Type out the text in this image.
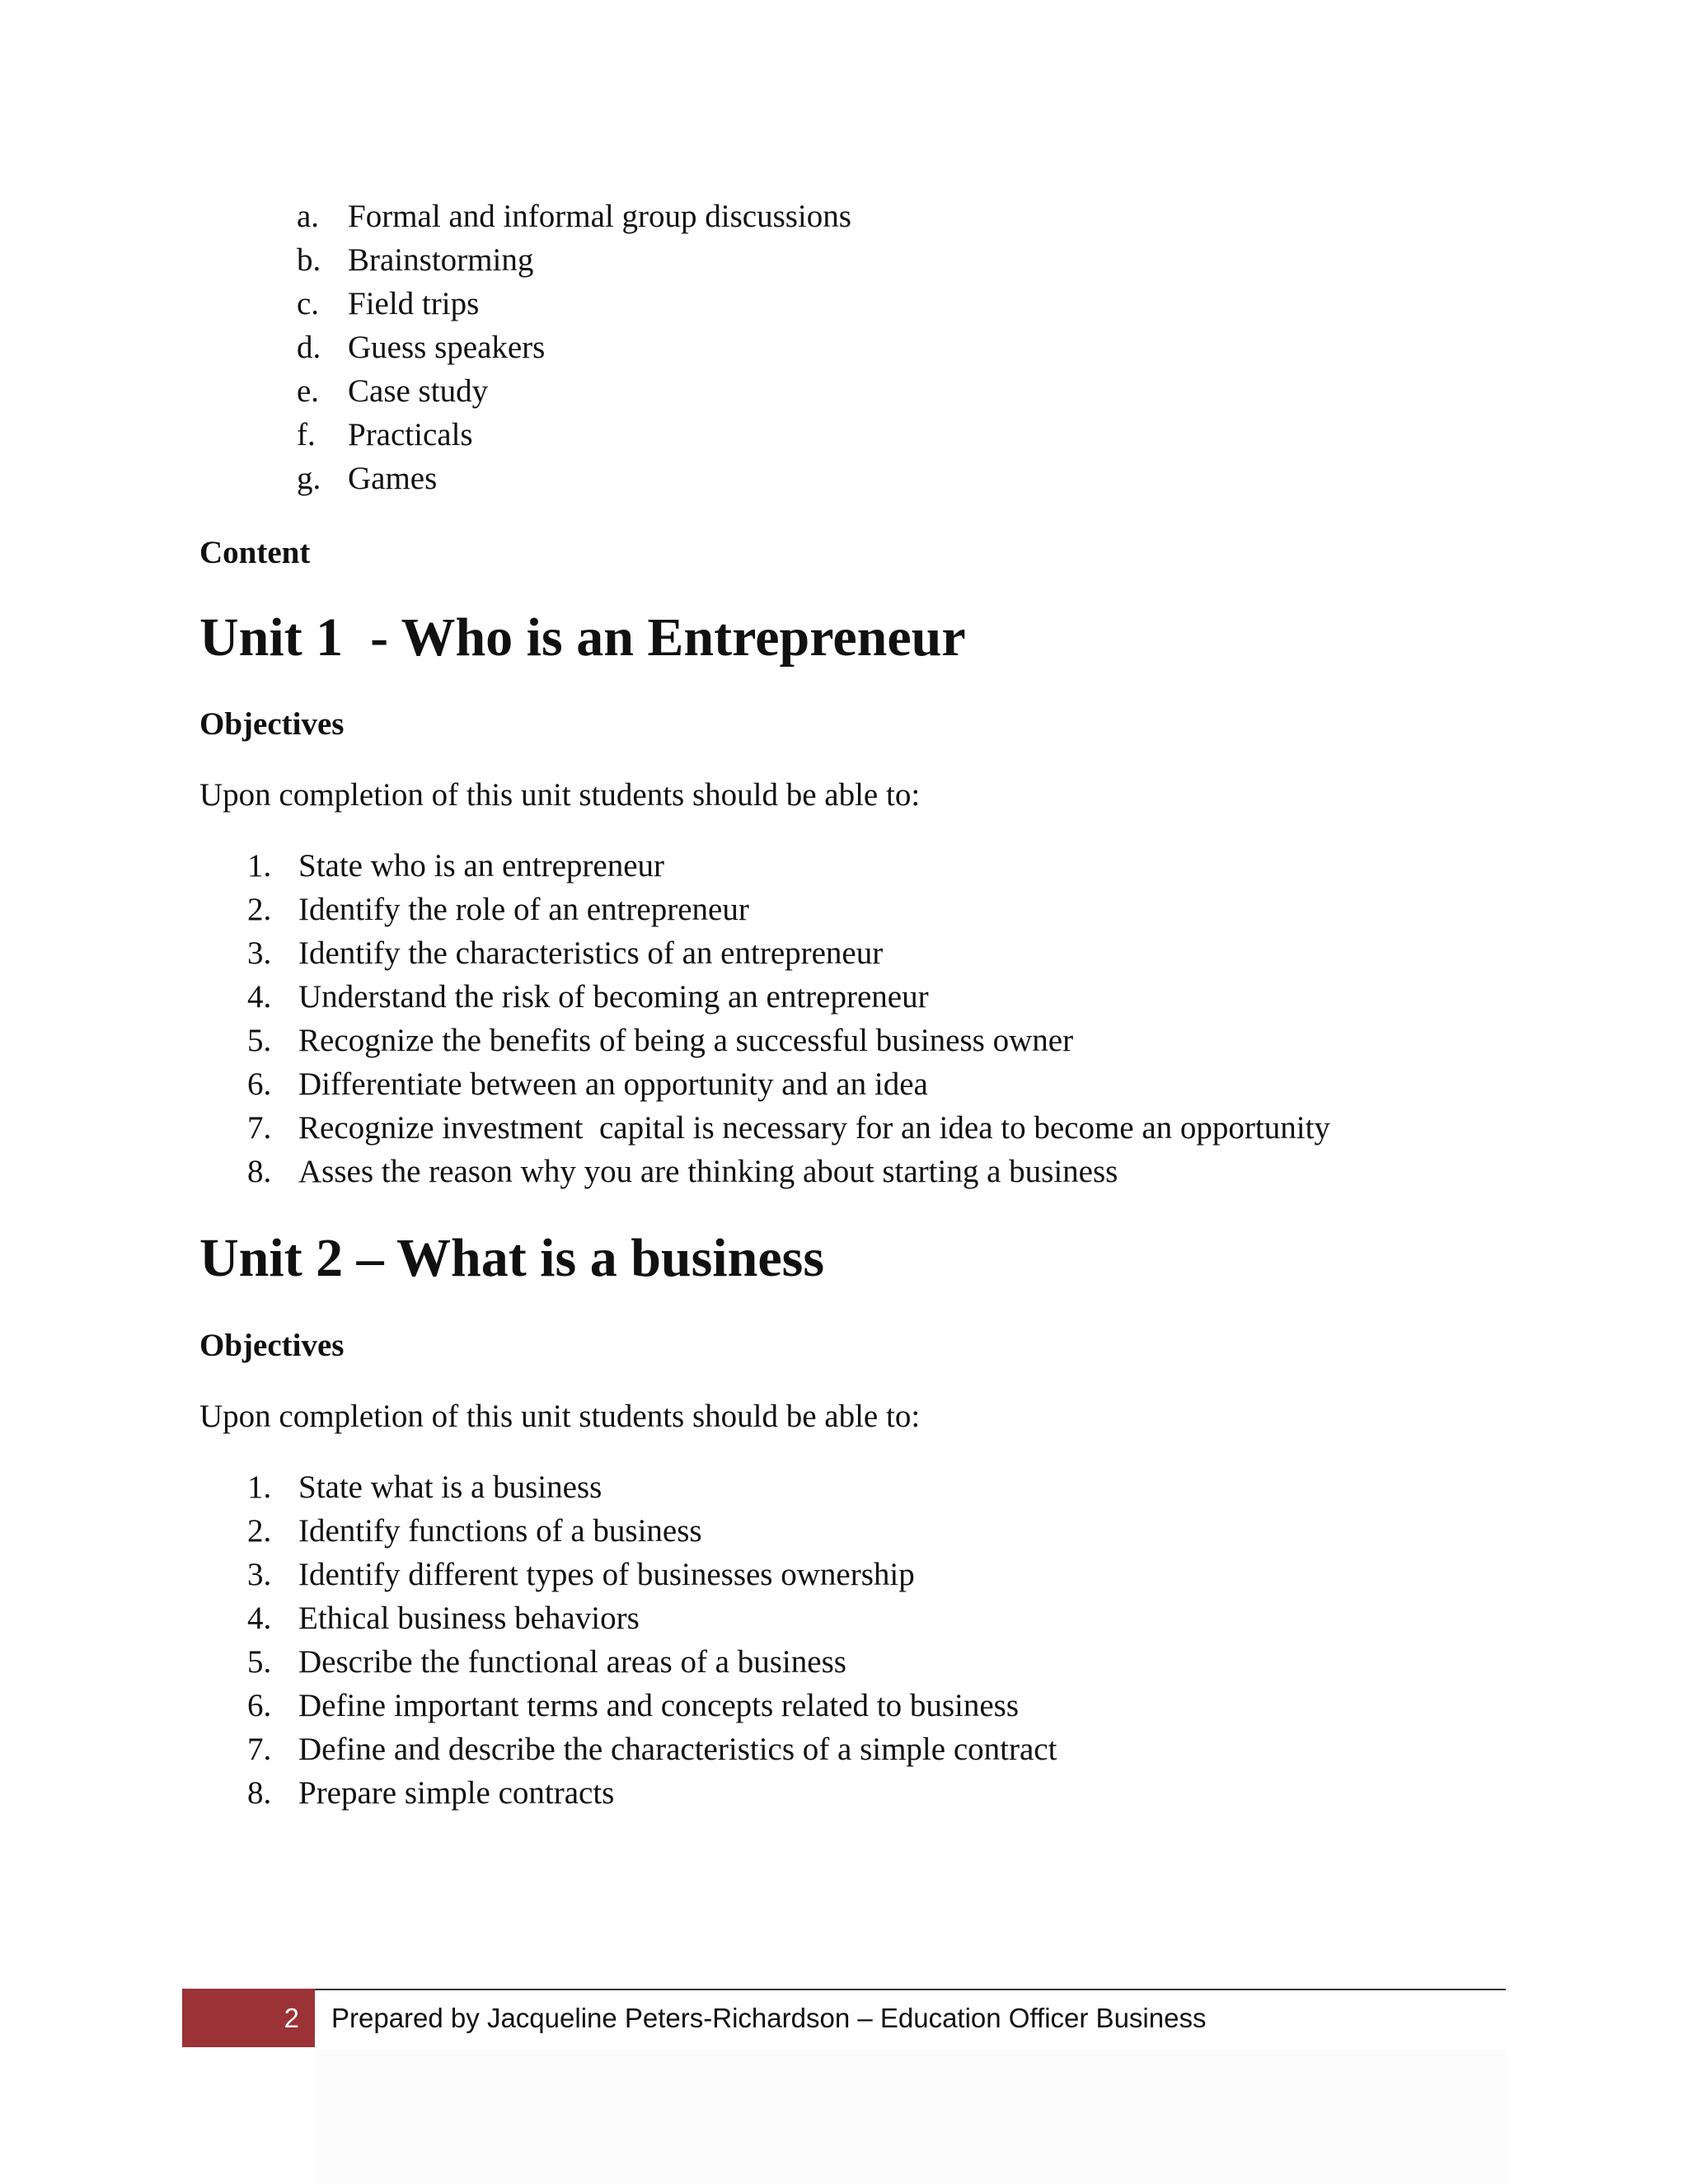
a. Formal and informal group discussions
b. Brainstorming
c. Field trips
d. Guess speakers
e. Case study
f. Practicals
g. Games
Content
Unit 1  - Who is an Entrepreneur
Objectives
Upon completion of this unit students should be able to:
1. State who is an entrepreneur
2. Identify the role of an entrepreneur
3. Identify the characteristics of an entrepreneur
4. Understand the risk of becoming an entrepreneur
5. Recognize the benefits of being a successful business owner
6. Differentiate between an opportunity and an idea
7. Recognize investment  capital is necessary for an idea to become an opportunity
8. Asses the reason why you are thinking about starting a business
Unit 2 – What is a business
Objectives
Upon completion of this unit students should be able to:
1. State what is a business
2. Identify functions of a business
3. Identify different types of businesses ownership
4. Ethical business behaviors
5. Describe the functional areas of a business
6. Define important terms and concepts related to business
7. Define and describe the characteristics of a simple contract
8. Prepare simple contracts
2 Prepared by Jacqueline Peters-Richardson – Education Officer Business
